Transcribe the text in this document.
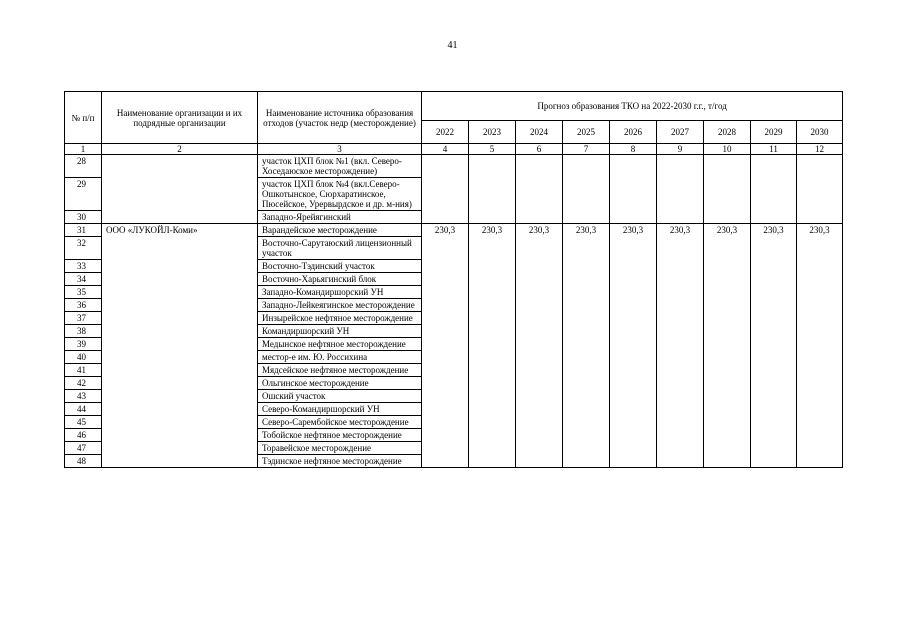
41
№ п/п	Наименование организации и их подрядные организации	Наименование источника образования отходов (участок недр (месторождение)	Прогноз образования ТКО на 2022-2030 г.г., т/год								
			2022	2023	2024	2025	2026	2027	2028	2029	2030
1	2	3	4	5	6	7	8	9	10	11	12
28		участок ЦХП блок №1 (вкл. Северо-Хоседаюское месторождение)									
29		участок ЦХП блок №4 (вкл.Северо-Ошкотынское, Сюрхаратинское, Пюсейское, Урервырдское и др. м-ния)									
30		Западно-Ярейягинский									
31	ООО «ЛУКОЙЛ-Коми»	Варандейское месторождение	230,3	230,3	230,3	230,3	230,3	230,3	230,3	230,3	230,3
32		Восточно-Сарутаюский лицензионный участок									
33		Восточно-Тэдинский участок									
34		Восточно-Харьягинский блок									
35		Западно-Командиршорский УН									
36		Западно-Лейкеягинское месторождение									
37		Инзырейское нефтяное месторождение									
38		Командиршорский УН									
39		Медынское нефтяное месторождение									
40		местор-е им. Ю. Россихина									
41		Мядсейское нефтяное месторождение									
42		Ольгинское месторождение									
43		Ошский участок									
44		Северо-Командиршорский УН									
45		Северо-Сарембойское месторождение									
46		Тобойское нефтяное месторождение									
47		Торавейское месторождение									
48		Тэдинское нефтяное месторождение									
